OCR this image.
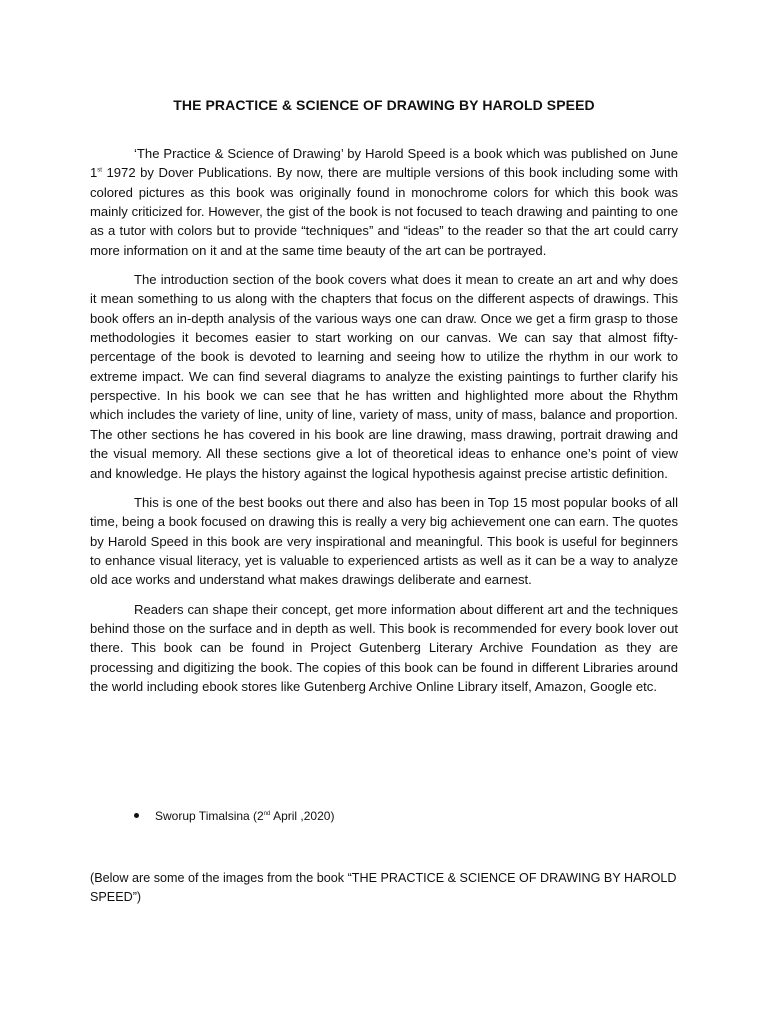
THE PRACTICE & SCIENCE OF DRAWING BY HAROLD SPEED

‘The Practice & Science of Drawing’ by Harold Speed is a book which was published on June 1st 1972 by Dover Publications. By now, there are multiple versions of this book including some with colored pictures as this book was originally found in monochrome colors for which this book was mainly criticized for. However, the gist of the book is not focused to teach drawing and painting to one as a tutor with colors but to provide “techniques” and “ideas” to the reader so that the art could carry more information on it and at the same time beauty of the art can be portrayed.

The introduction section of the book covers what does it mean to create an art and why does it mean something to us along with the chapters that focus on the different aspects of drawings. This book offers an in-depth analysis of the various ways one can draw. Once we get a firm grasp to those methodologies it becomes easier to start working on our canvas. We can say that almost fifty-percentage of the book is devoted to learning and seeing how to utilize the rhythm in our work to extreme impact. We can find several diagrams to analyze the existing paintings to further clarify his perspective. In his book we can see that he has written and highlighted more about the Rhythm which includes the variety of line, unity of line, variety of mass, unity of mass, balance and proportion. The other sections he has covered in his book are line drawing, mass drawing, portrait drawing and the visual memory. All these sections give a lot of theoretical ideas to enhance one’s point of view and knowledge. He plays the history against the logical hypothesis against precise artistic definition.

This is one of the best books out there and also has been in Top 15 most popular books of all time, being a book focused on drawing this is really a very big achievement one can earn. The quotes by Harold Speed in this book are very inspirational and meaningful. This book is useful for beginners to enhance visual literacy, yet is valuable to experienced artists as well as it can be a way to analyze old ace works and understand what makes drawings deliberate and earnest.

Readers can shape their concept, get more information about different art and the techniques behind those on the surface and in depth as well. This book is recommended for every book lover out there. This book can be found in Project Gutenberg Literary Archive Foundation as they are processing and digitizing the book. The copies of this book can be found in different Libraries around the world including ebook stores like Gutenberg Archive Online Library itself, Amazon, Google etc.

Sworup Timalsina (2nd April ,2020)
(Below are some of the images from the book “THE PRACTICE & SCIENCE OF DRAWING BY HAROLD SPEED”)
